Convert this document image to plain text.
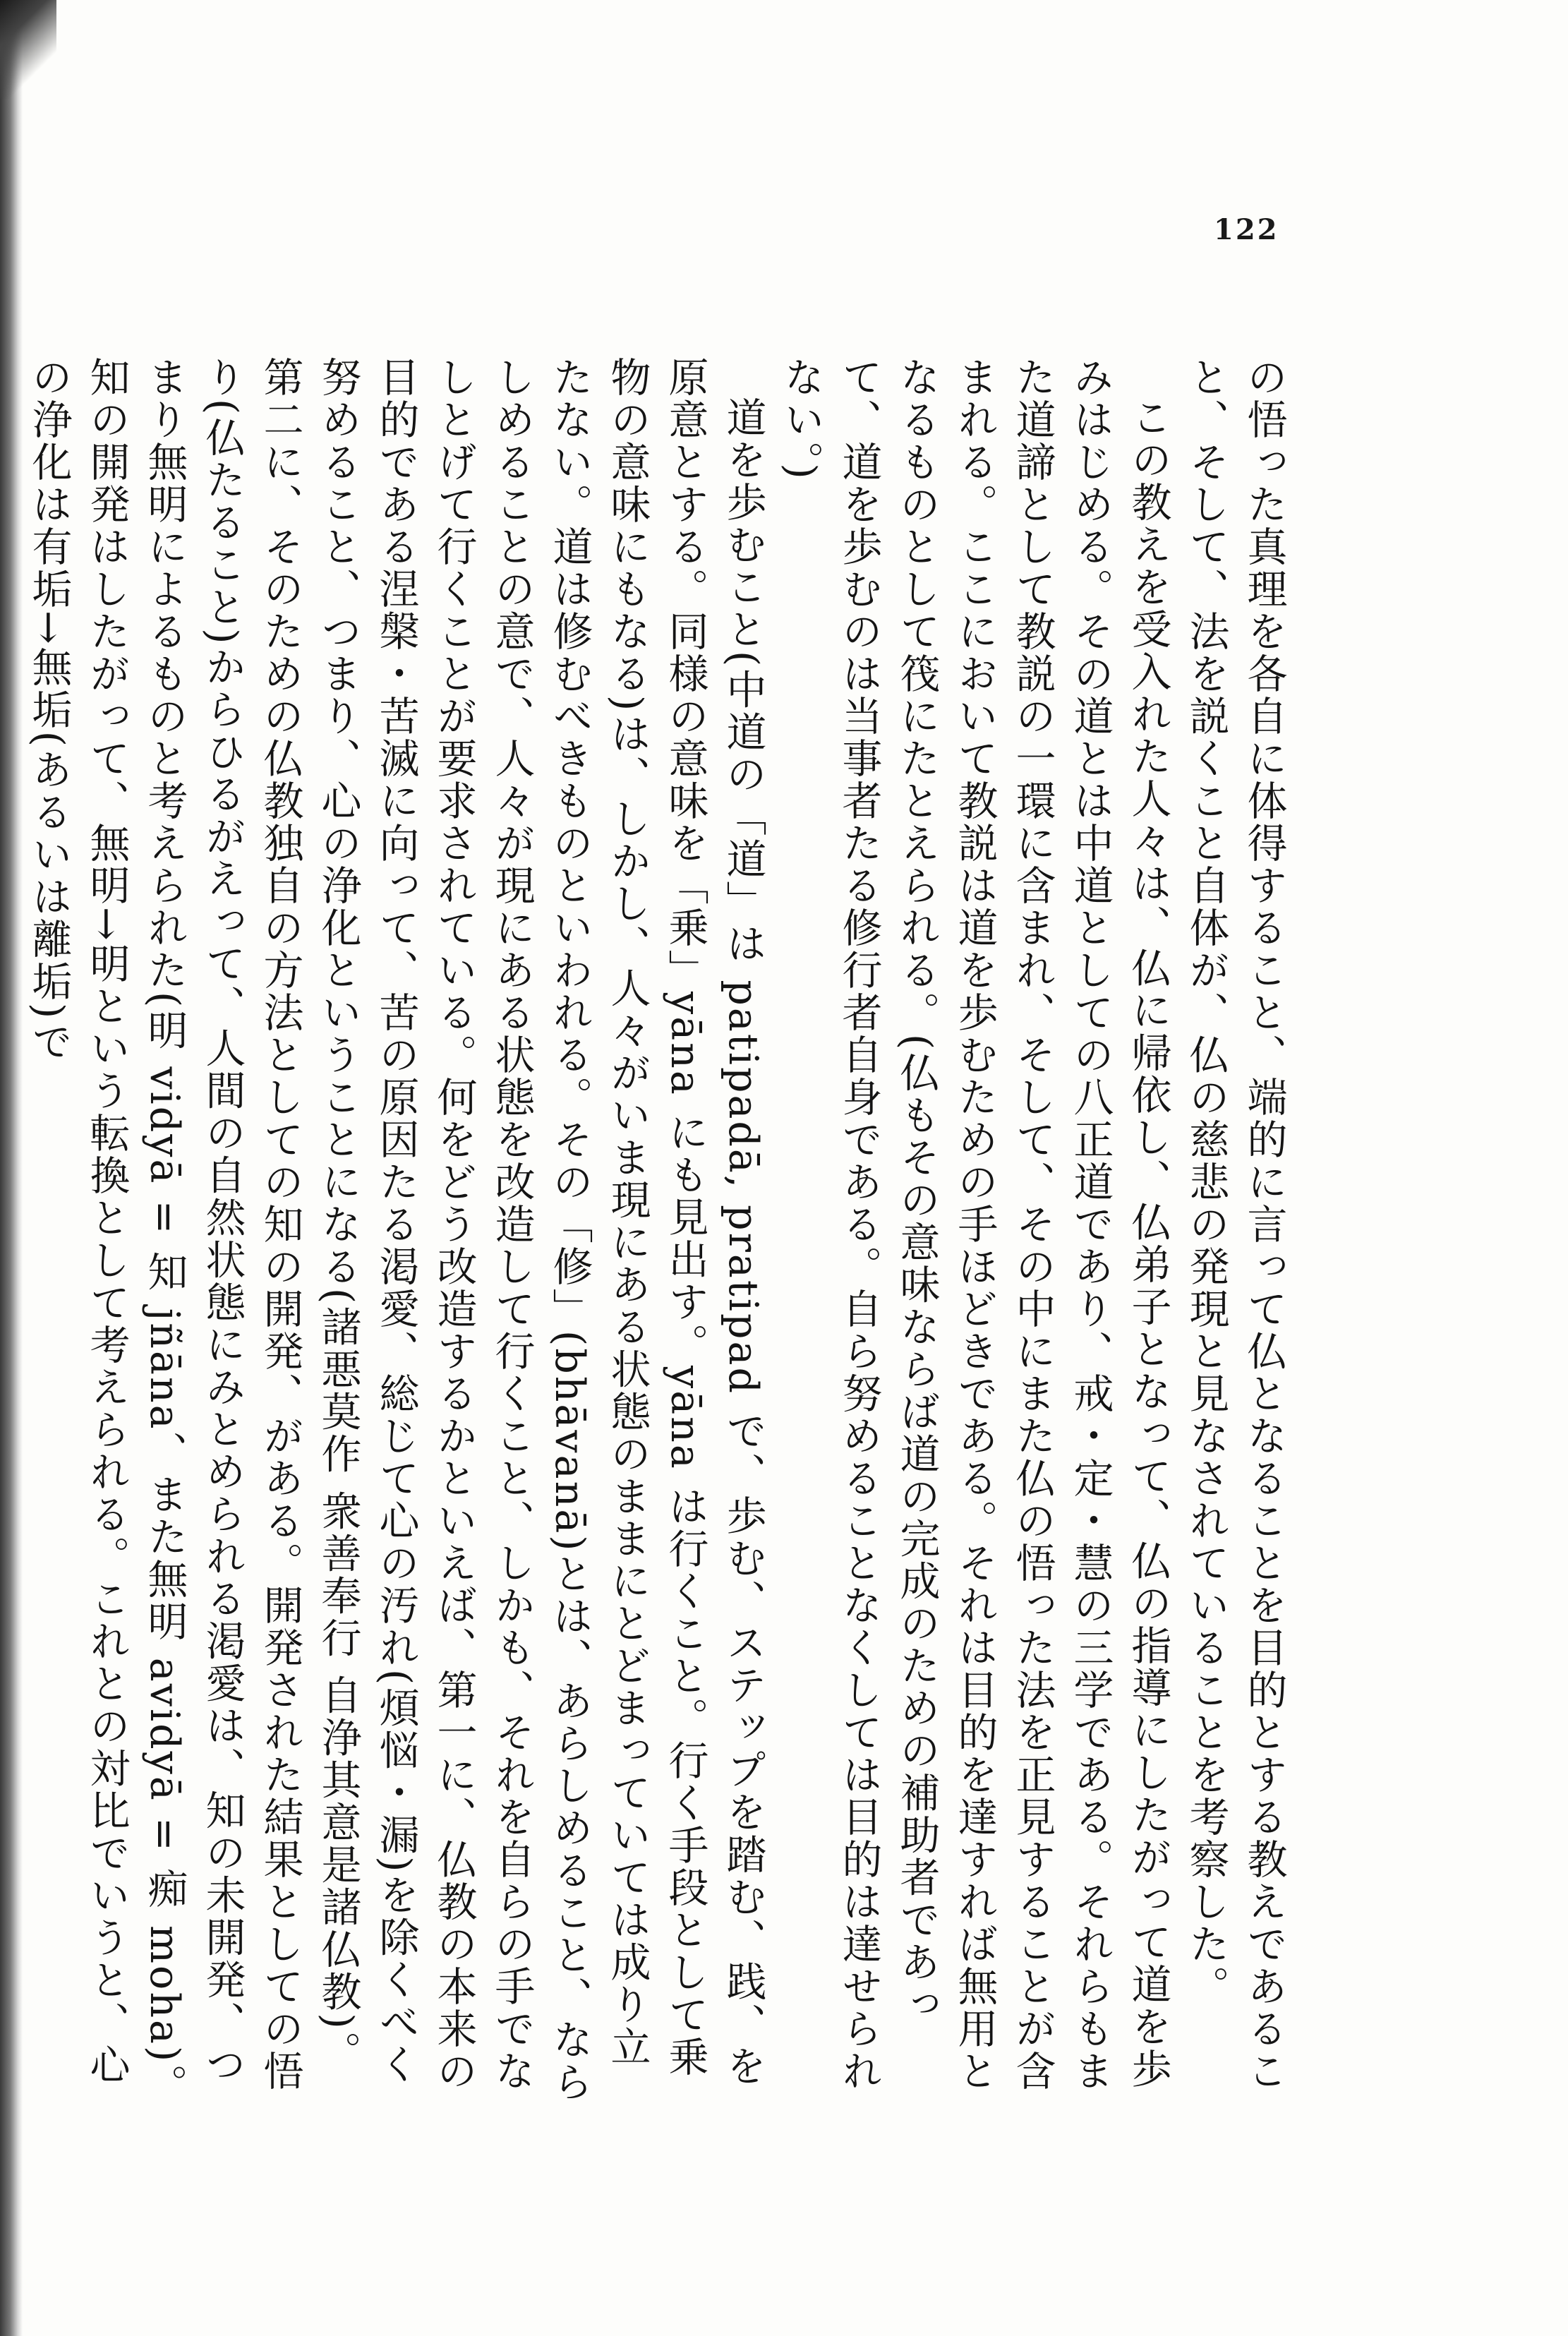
122

の悟った真理を各自に体得すること、端的に言って仏となることを目的とする教えであること、そして、法を説くこと自体が、仏の慈悲の発現と見なされていることを考察した。

この教えを受入れた人々は、仏に帰依し、仏弟子となって、仏の指導にしたがって道を歩みはじめる。その道とは中道としての八正道であり、戒・定・慧の三学である。それらもまた道諦として教説の一環に含まれ、そして、その中にまた仏の悟った法を正見することが含まれる。ここにおいて教説は道を歩むための手ほどきである。それは目的を達すれば無用となるものとして筏にたとえられる。(仏もその意味ならば道の完成のための補助者であって、道を歩むのは当事者たる修行者自身である。自ら努めることなくしては目的は達せられない。)

道を歩むこと(中道の「道」は patipadā, pratipad で、歩む、ステップを踏む、践、を原意とする。同様の意味を「乗」yāna にも見出す。yāna は行くこと。行く手段として乗物の意味にもなる)は、しかし、人々がいま現にある状態のままにとどまっていては成り立たない。道は修むべきものといわれる。その「修」(bhāvanā)とは、あらしめること、ならしめることの意で、人々が現にある状態を改造して行くこと、しかも、それを自らの手でなしとげて行くことが要求されている。何をどう改造するかといえば、第一に、仏教の本来の目的である涅槃・苦滅に向って、苦の原因たる渇愛、総じて心の汚れ(煩悩・漏)を除くべく努めること、つまり、心の浄化ということになる(諸悪莫作 衆善奉行 自浄其意是諸仏教)。第二に、そのための仏教独自の方法としての知の開発、がある。開発された結果としての悟り(仏たること)からひるがえって、人間の自然状態にみとめられる渇愛は、知の未開発、つまり無明によるものと考えられた(明 vidyā = 知 jñāna、また無明 avidyā = 痴 moha)。知の開発はしたがって、無明→明という転換として考えられる。これとの対比でいうと、心の浄化は有垢→無垢(あるいは離垢)で
